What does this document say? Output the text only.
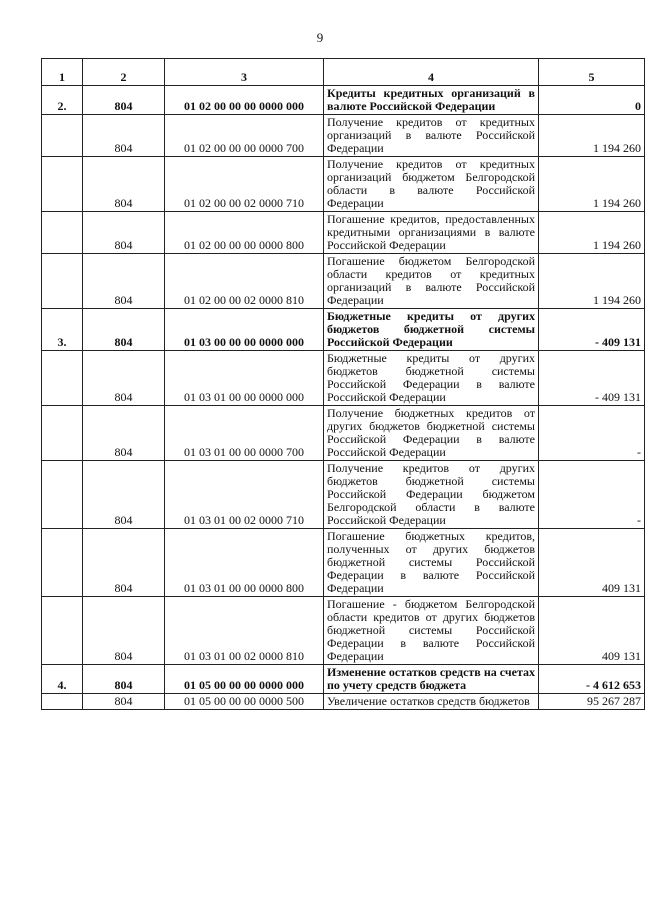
9
1	2	3	4	5
2.	804	01 02 00 00 00 0000 000	Кредиты кредитных организаций в валюте Российской Федерации	0
	804	01 02 00 00 00 0000 700	Получение кредитов от кредитных организаций в валюте Российской Федерации	1 194 260
	804	01 02 00 00 02 0000 710	Получение кредитов от кредитных организаций бюджетом Белгородской области в валюте Российской Федерации	1 194 260
	804	01 02 00 00 00 0000 800	Погашение кредитов, предоставленных кредитными организациями в валюте Российской Федерации	1 194 260
	804	01 02 00 00 02 0000 810	Погашение бюджетом Белгородской области кредитов от кредитных организаций в валюте Российской Федерации	1 194 260
3.	804	01 03 00 00 00 0000 000	Бюджетные кредиты от других бюджетов бюджетной системы Российской Федерации	- 409 131
	804	01 03 01 00 00 0000 000	Бюджетные кредиты от других бюджетов бюджетной системы Российской Федерации в валюте Российской Федерации	- 409 131
	804	01 03 01 00 00 0000 700	Получение бюджетных кредитов от других бюджетов бюджетной системы Российской Федерации в валюте Российской Федерации	-
	804	01 03 01 00 02 0000 710	Получение кредитов от других бюджетов бюджетной системы Российской Федерации бюджетом Белгородской области в валюте Российской Федерации	-
	804	01 03 01 00 00 0000 800	Погашение бюджетных кредитов, полученных от других бюджетов бюджетной системы Российской Федерации в валюте Российской Федерации	409 131
	804	01 03 01 00 02 0000 810	Погашение - бюджетом Белгородской области кредитов от других бюджетов бюджетной системы Российской Федерации в валюте Российской Федерации	409 131
4.	804	01 05 00 00 00 0000 000	Изменение остатков средств на счетах по учету средств бюджета	- 4 612 653
	804	01 05 00 00 00 0000 500	Увеличение остатков средств бюджетов	95 267 287
